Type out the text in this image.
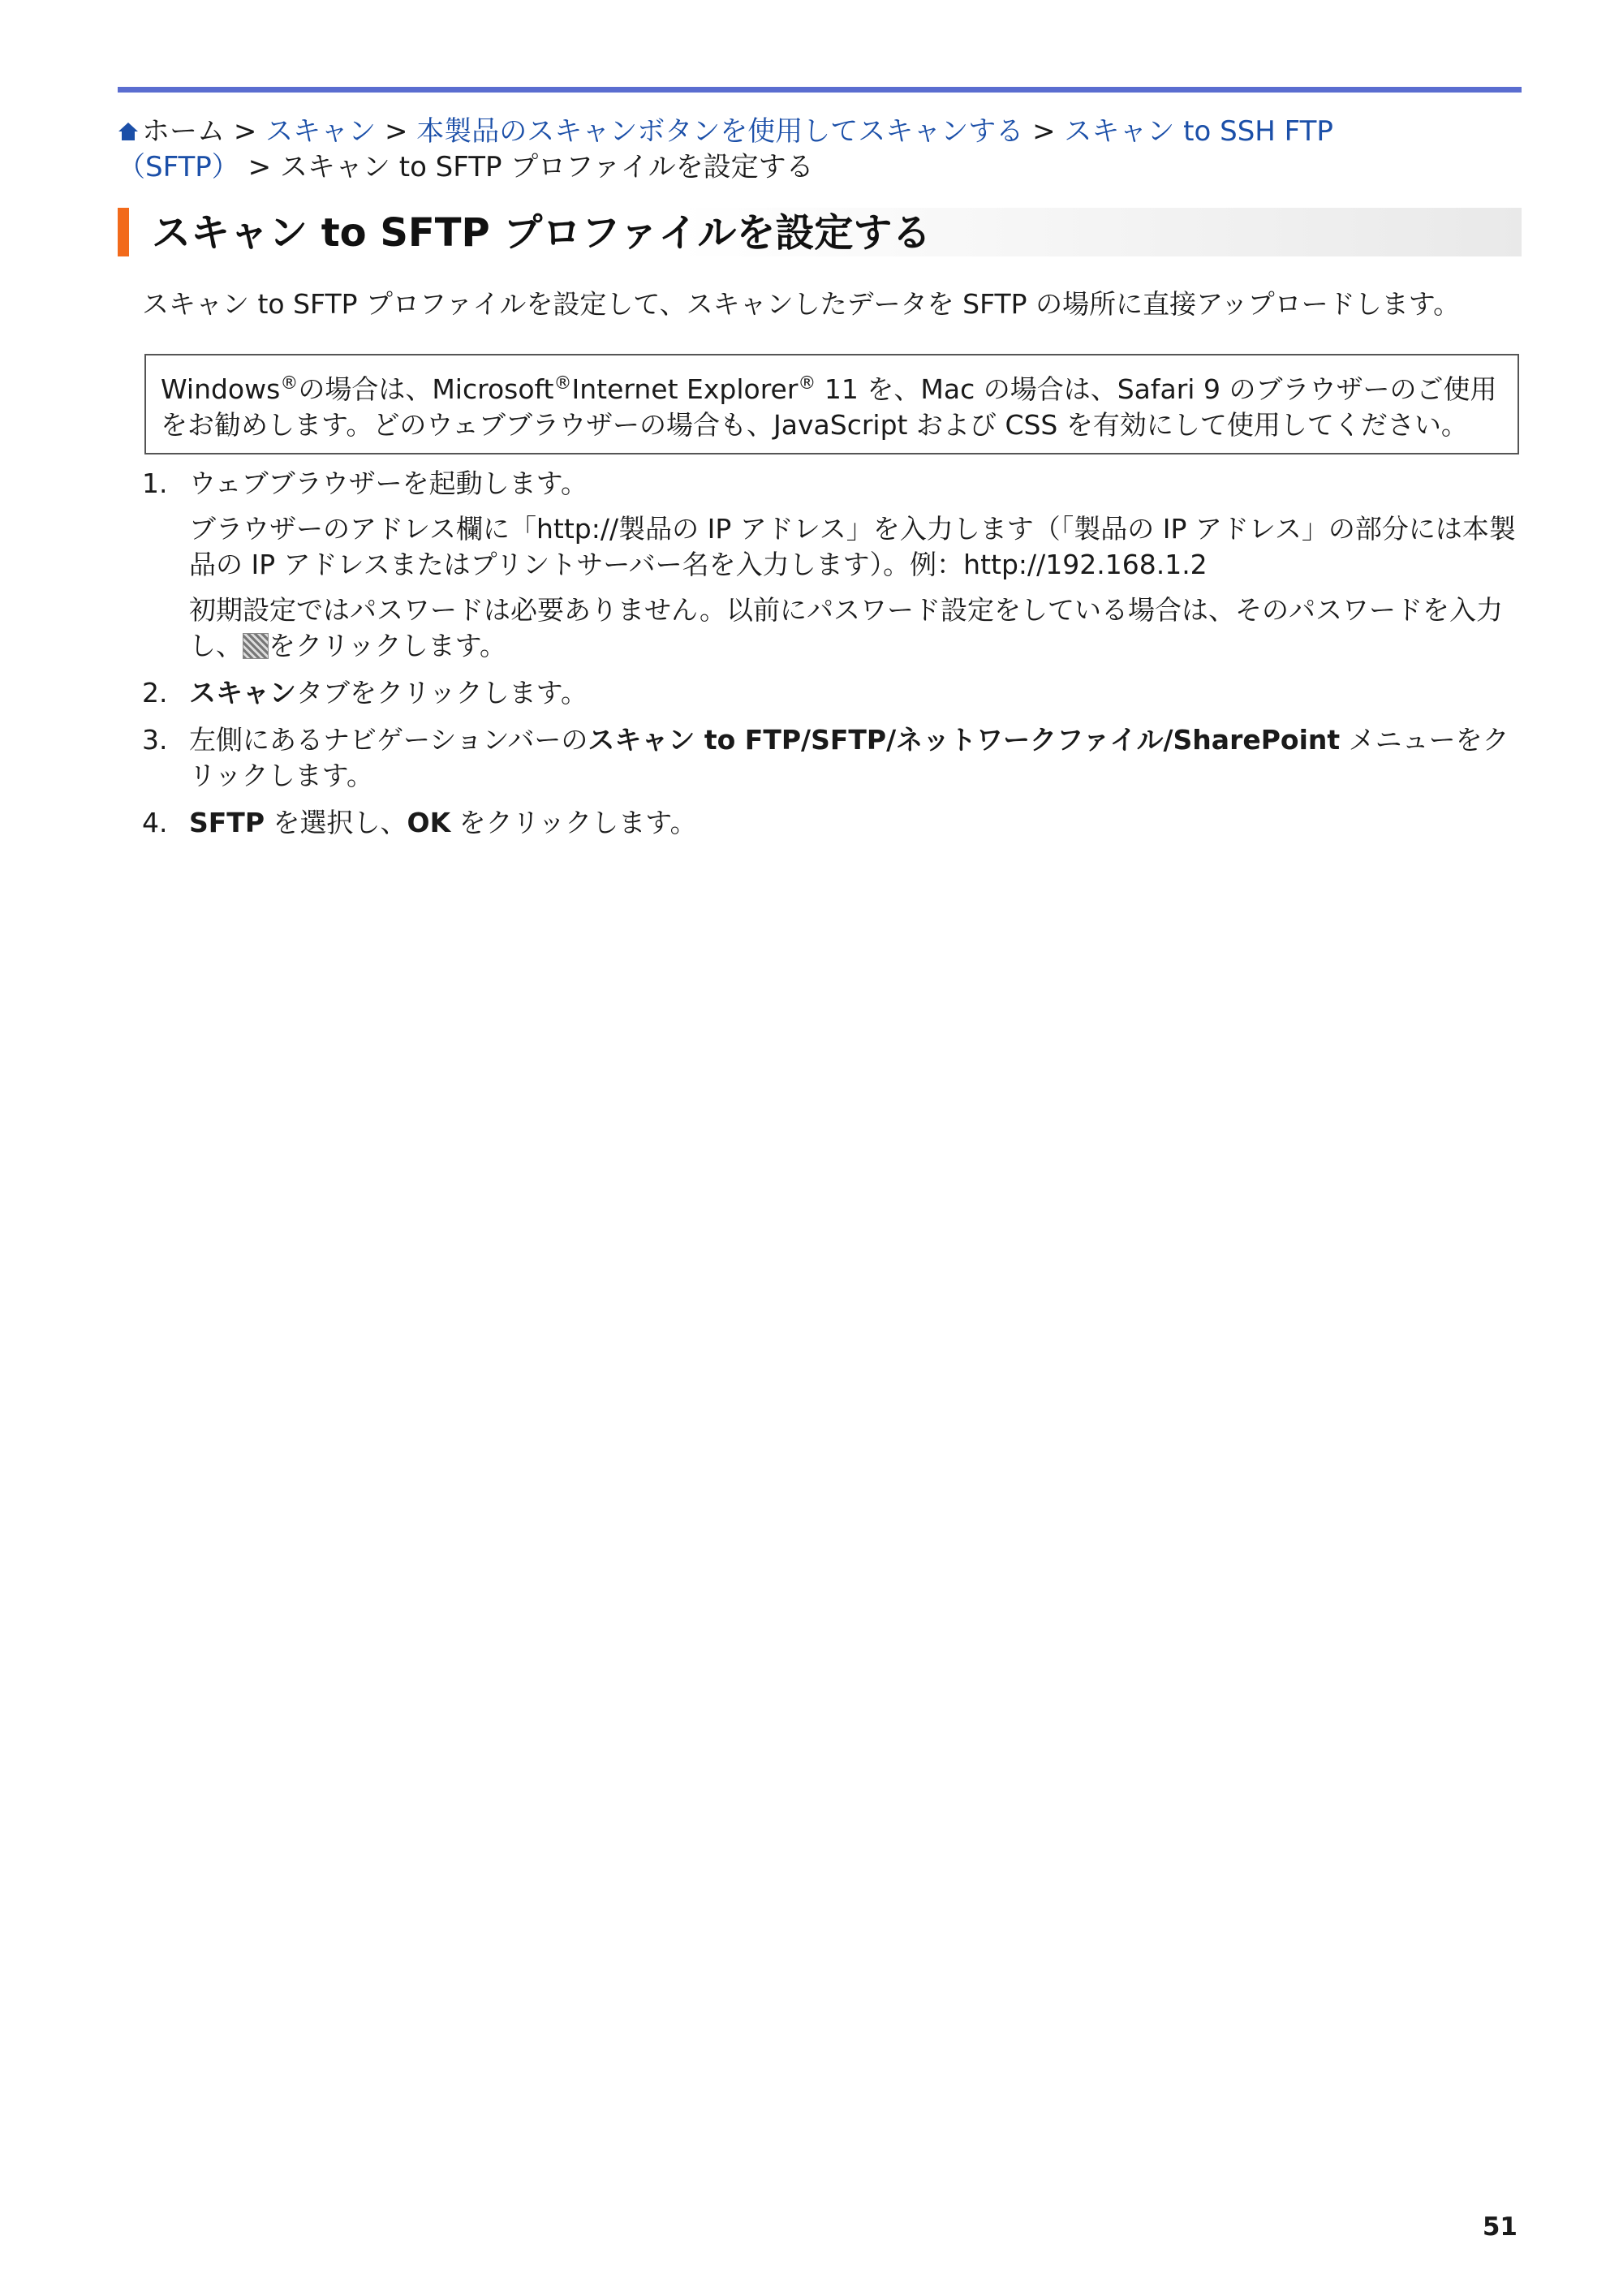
ホーム > スキャン > 本製品のスキャンボタンを使用してスキャンする > スキャン to SSH FTP
（SFTP） > スキャン to SFTP プロファイルを設定する
スキャン to SFTP プロファイルを設定する
スキャン to SFTP プロファイルを設定して、スキャンしたデータを SFTP の場所に直接アップロードします。
Windows®の場合は、Microsoft®Internet Explorer® 11 を、Mac の場合は、Safari 9 のブラウザーのご使用をお勧めします。どのウェブブラウザーの場合も、JavaScript および CSS を有効にして使用してください。
1. ウェブブラウザーを起動します。
ブラウザーのアドレス欄に「http://製品の IP アドレス」を入力します（「製品の IP アドレス」の部分には本製品の IP アドレスまたはプリントサーバー名を入力します）。例：http://192.168.1.2
初期設定ではパスワードは必要ありません。以前にパスワード設定をしている場合は、そのパスワードを入力し、 をクリックします。
2. スキャンタブをクリックします。
3. 左側にあるナビゲーションバーのスキャン to FTP/SFTP/ネットワークファイル/SharePoint メニューをクリックします。
4. SFTP を選択し、OK をクリックします。
51
